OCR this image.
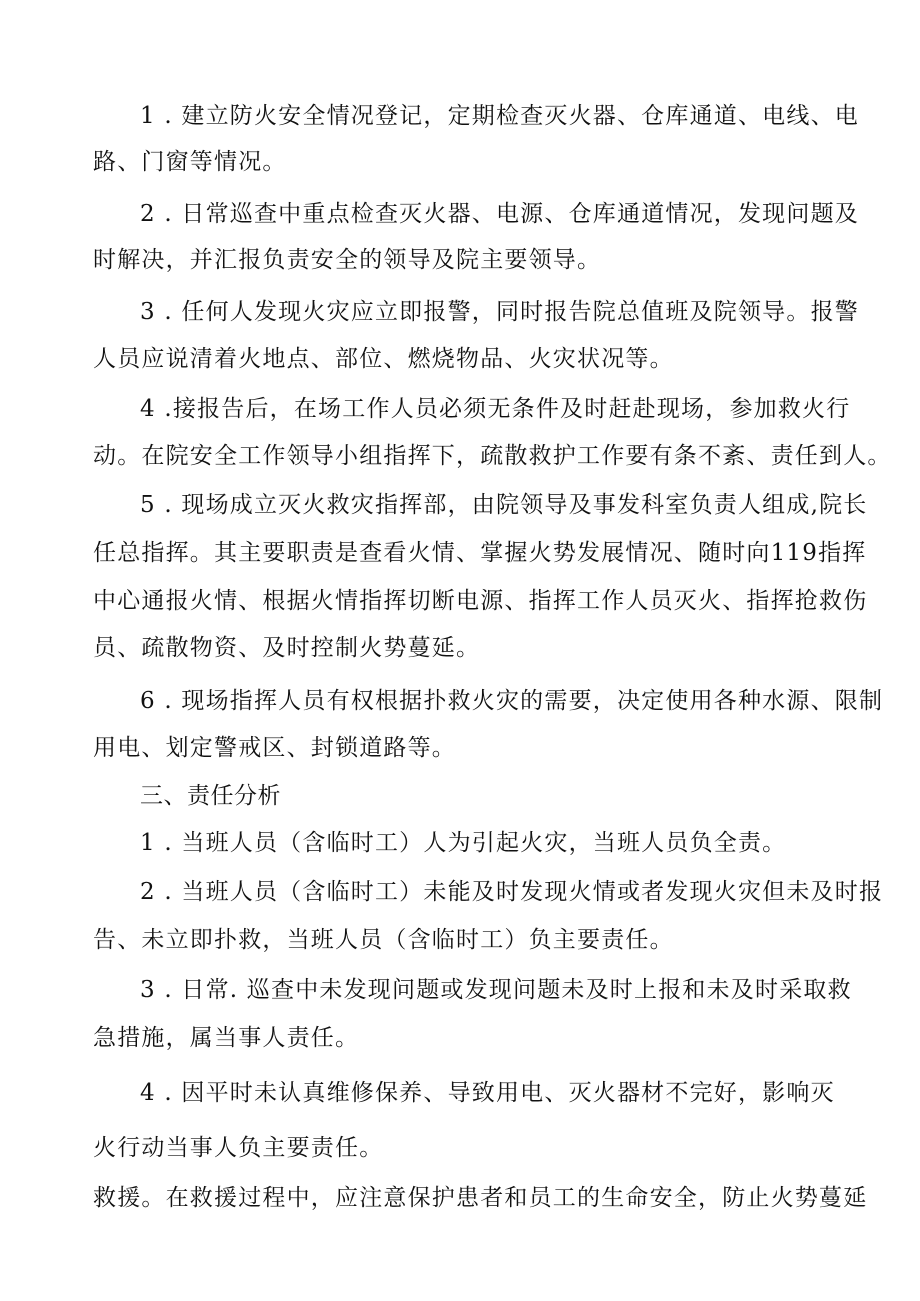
1 . 建立防火安全情况登记，定期检查灭火器、仓库通道、电线、电
路、门窗等情况。
2 . 日常巡查中重点检查灭火器、电源、仓库通道情况，发现问题及
时解决，并汇报负责安全的领导及院主要领导。
3 . 任何人发现火灾应立即报警，同时报告院总值班及院领导。报警
人员应说清着火地点、部位、燃烧物品、火灾状况等。
4 .接报告后，在场工作人员必须无条件及时赶赴现场，参加救火行
动。在院安全工作领导小组指挥下，疏散救护工作要有条不紊、责任到人。
5 . 现场成立灭火救灾指挥部，由院领导及事发科室负责人组成,院长
任总指挥。其主要职责是查看火情、掌握火势发展情况、随时向119指挥
中心通报火情、根据火情指挥切断电源、指挥工作人员灭火、指挥抢救伤
员、疏散物资、及时控制火势蔓延。
6 . 现场指挥人员有权根据扑救火灾的需要，决定使用各种水源、限制
用电、划定警戒区、封锁道路等。
三、责任分析
1 . 当班人员（含临时工）人为引起火灾，当班人员负全责。
2 . 当班人员（含临时工）未能及时发现火情或者发现火灾但未及时报
告、未立即扑救，当班人员（含临时工）负主要责任。
3 . 日常. 巡查中未发现问题或发现问题未及时上报和未及时采取救
急措施，属当事人责任。
4 . 因平时未认真维修保养、导致用电、灭火器材不完好，影响灭
火行动当事人负主要责任。
救援。在救援过程中，应注意保护患者和员工的生命安全，防止火势蔓延
